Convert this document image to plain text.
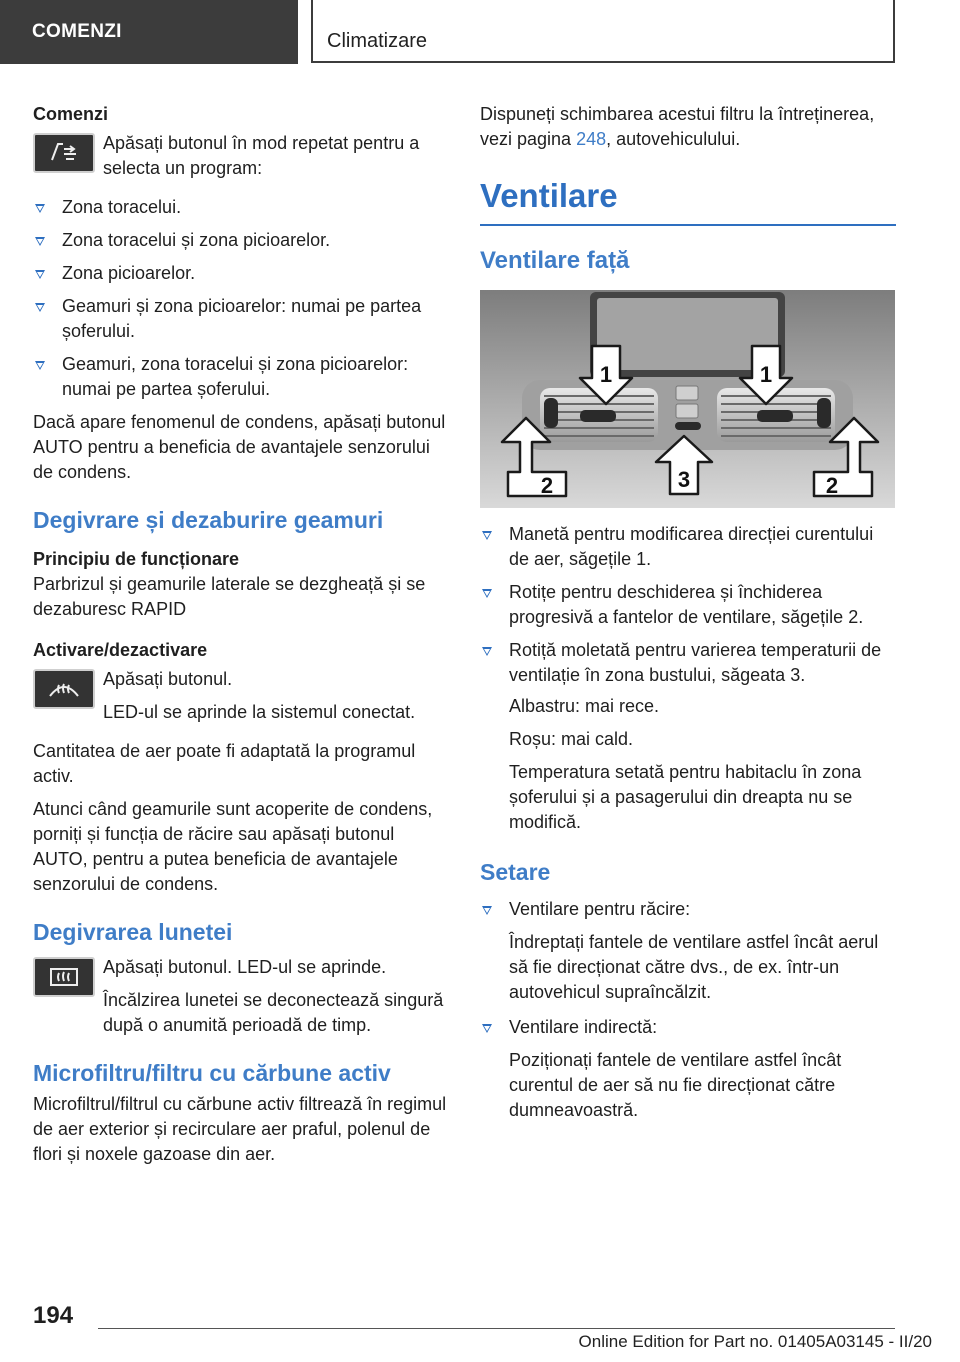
COMENZI	Climatizare
Comenzi

Apăsați butonul în mod repetat pentru a selecta un program:

Zona toracelui.
Zona toracelui și zona picioarelor.
Zona picioarelor.
Geamuri și zona picioarelor: numai pe partea șoferului.
Geamuri, zona toracelui și zona picioarelor: numai pe partea șoferului.

Dacă apare fenomenul de condens, apăsați butonul AUTO pentru a beneficia de avantajele senzorului de condens.

Degivrare și dezaburire geamuri
Principiu de funcționare

Parbrizul și geamurile laterale se dezgheață și se dezaburesc RAPID

Activare/dezactivare

Apăsați butonul.

LED-ul se aprinde la sistemul conectat.

Cantitatea de aer poate fi adaptată la programul activ.

Atunci când geamurile sunt acoperite de condens, porniți și funcția de răcire sau apăsați butonul AUTO, pentru a putea beneficia de avantajele senzorului de condens.

Degivrarea lunetei

Apăsați butonul. LED-ul se aprinde.

Încălzirea lunetei se deconectează singură după o anumită perioadă de timp.

Microfiltru/filtru cu cărbune activ

Microfiltrul/filtrul cu cărbune activ filtrează în regimul de aer exterior și recirculare aer praful, polenul de flori și noxele gazoase din aer.

Dispuneți schimbarea acestui filtru la întreținerea, vezi pagina 248, autovehiculului.

Ventilare
Ventilare față
1	1
2	3	2
Manetă pentru modificarea direcției curentului de aer, săgețile 1.
Rotițe pentru deschiderea și închiderea progresivă a fantelor de ventilare, săgețile 2.
Rotiță moletată pentru varierea temperaturii de ventilație în zona bustului, săgeata 3.

Albastru: mai rece.

Roșu: mai cald.

Temperatura setată pentru habitaclu în zona șoferului și a pasagerului din dreapta nu se modifică.

Setare
Ventilare pentru răcire:
Îndreptați fantele de ventilare astfel încât aerul să fie direcționat către dvs., de ex. într-un autovehicul supraîncălzit.
Ventilare indirectă:
Poziționați fantele de ventilare astfel încât curentul de aer să nu fie direcționat către dumneavoastră.
194
Online Edition for Part no. 01405A03145 - II/20
